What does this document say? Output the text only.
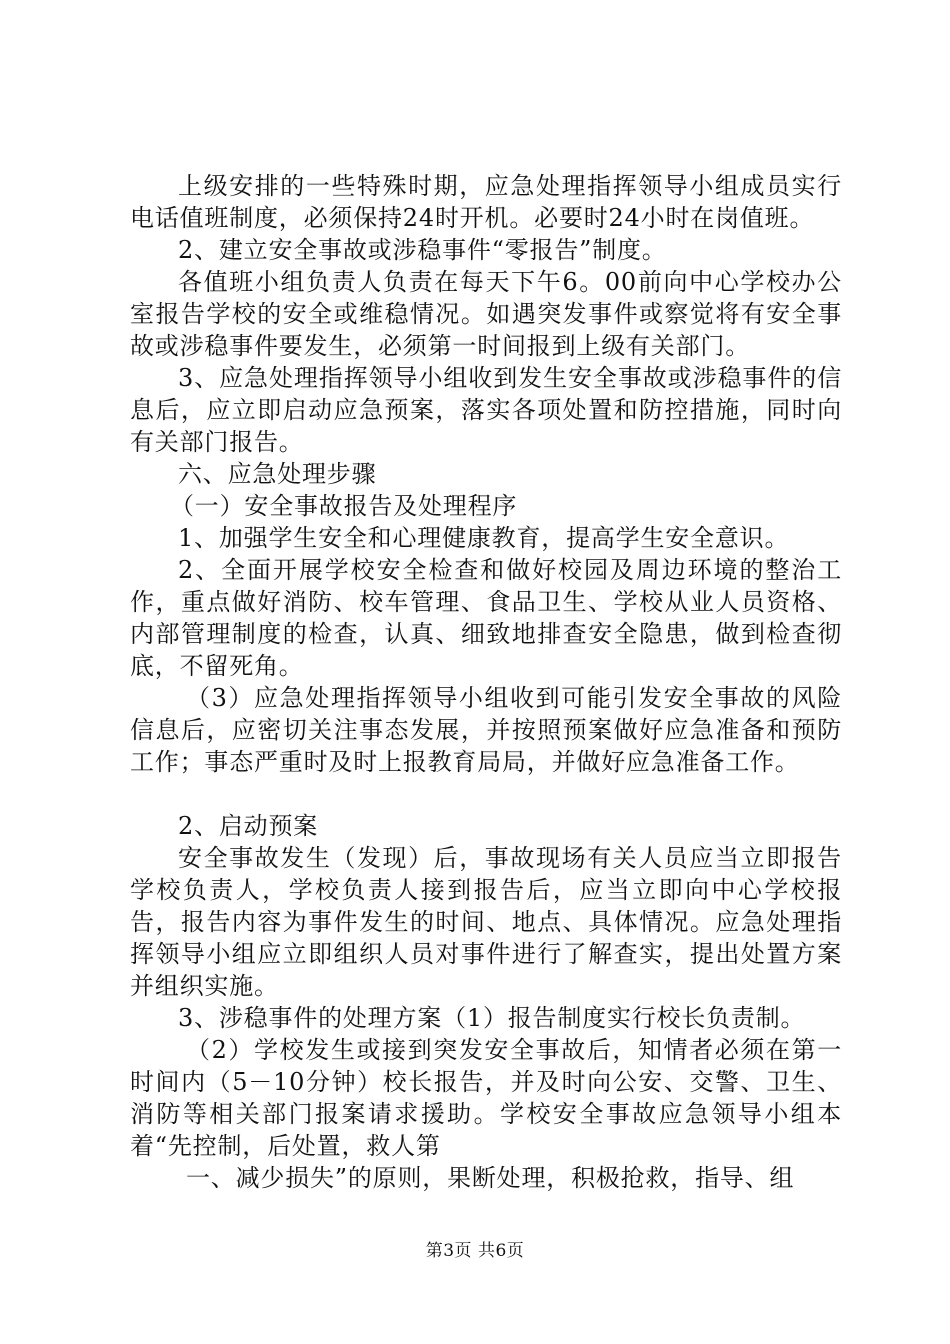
上级安排的一些特殊时期，应急处理指挥领导小组成员实行电话值班制度，必须保持24时开机。必要时24小时在岗值班。

2、建立安全事故或涉稳事件“零报告”制度。

各值班小组负责人负责在每天下午6。00前向中心学校办公室报告学校的安全或维稳情况。如遇突发事件或察觉将有安全事故或涉稳事件要发生，必须第一时间报到上级有关部门。

3、应急处理指挥领导小组收到发生安全事故或涉稳事件的信息后，应立即启动应急预案，落实各项处置和防控措施，同时向有关部门报告。

六、应急处理步骤

（一）安全事故报告及处理程序

1、加强学生安全和心理健康教育，提高学生安全意识。

2、全面开展学校安全检查和做好校园及周边环境的整治工作，重点做好消防、校车管理、食品卫生、学校从业人员资格、内部管理制度的检查，认真、细致地排查安全隐患，做到检查彻底，不留死角。

（3）应急处理指挥领导小组收到可能引发安全事故的风险信息后，应密切关注事态发展，并按照预案做好应急准备和预防工作；事态严重时及时上报教育局局，并做好应急准备工作。

2、启动预案

安全事故发生（发现）后，事故现场有关人员应当立即报告学校负责人，学校负责人接到报告后，应当立即向中心学校报告，报告内容为事件发生的时间、地点、具体情况。应急处理指挥领导小组应立即组织人员对事件进行了解查实，提出处置方案并组织实施。

3、涉稳事件的处理方案（1）报告制度实行校长负责制。

（2）学校发生或接到突发安全事故后，知情者必须在第一时间内（5－10分钟）校长报告，并及时向公安、交警、卫生、消防等相关部门报案请求援助。学校安全事故应急领导小组本着“先控制，后处置，救人第

一、减少损失”的原则，果断处理，积极抢救，指导、组

第3页 共6页
